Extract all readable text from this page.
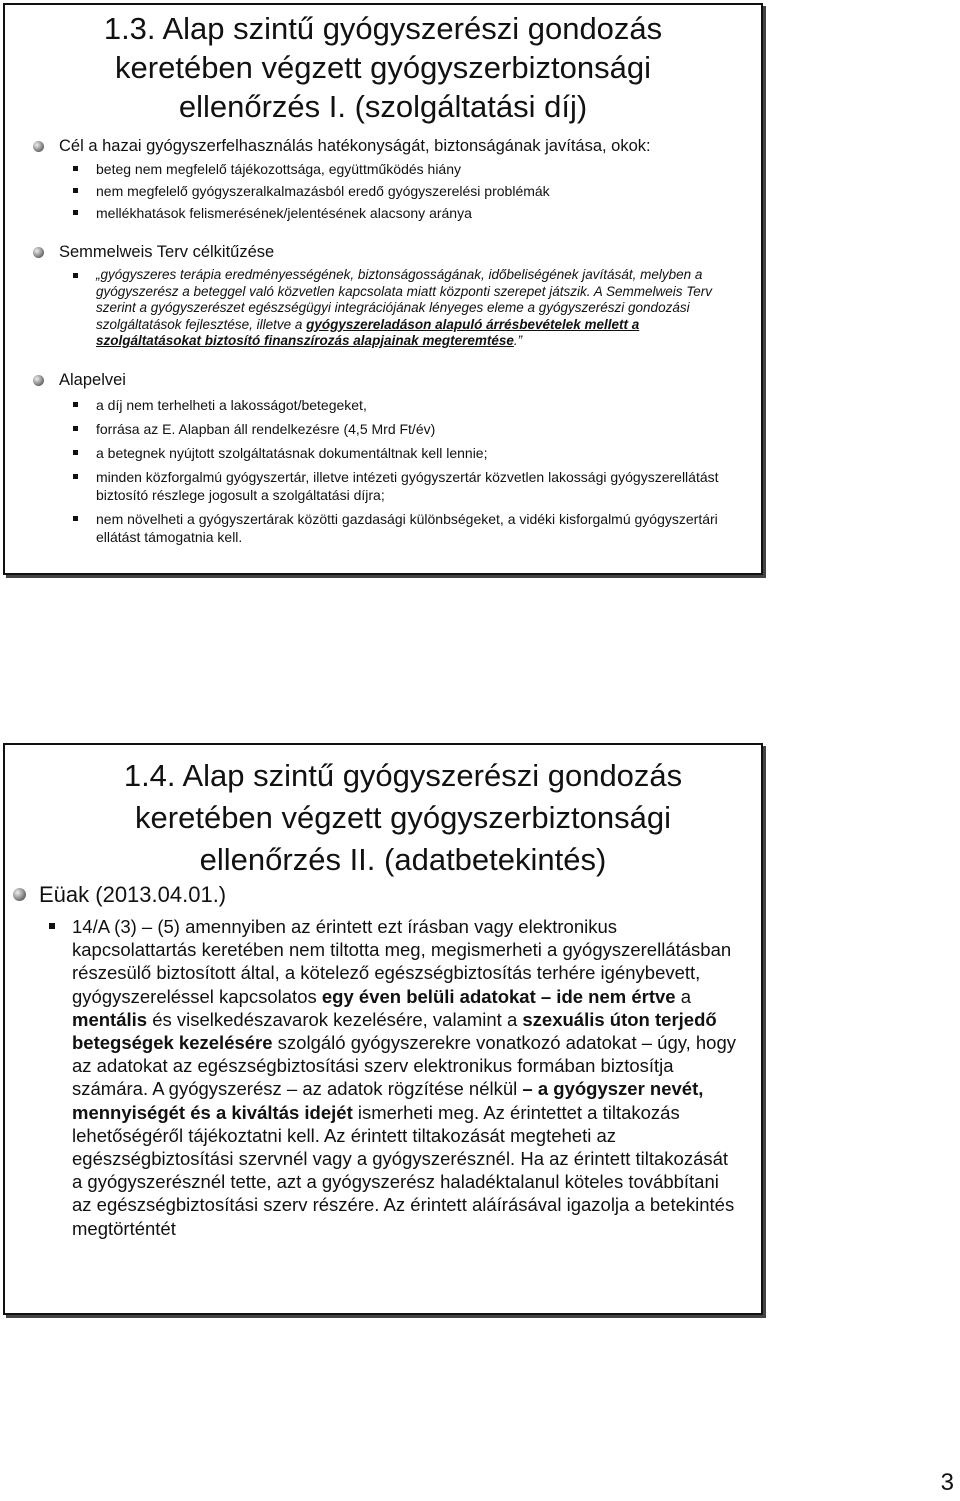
1.3. Alap szintű gyógyszerészi gondozás
keretében végzett gyógyszerbiztonsági
ellenőrzés I. (szolgáltatási díj)
Cél a hazai gyógyszerfelhasználás hatékonyságát, biztonságának javítása, okok:
beteg nem megfelelő tájékozottsága, együttműködés hiány
nem megfelelő gyógyszeralkalmazásból eredő gyógyszerelési problémák
mellékhatások felismerésének/jelentésének alacsony aránya
Semmelweis Terv célkitűzése
„gyógyszeres terápia eredményességének, biztonságosságának, időbeliségének javítását, melyben a gyógyszerész a beteggel való közvetlen kapcsolata miatt központi szerepet játszik. A Semmelweis Terv szerint a gyógyszerészet egészségügyi integrációjának lényeges eleme a gyógyszerészi gondozási szolgáltatások fejlesztése, illetve a gyógyszereladáson alapuló árrésbevételek mellett a szolgáltatásokat biztosító finanszírozás alapjainak megteremtése.”
Alapelvei
a díj nem terhelheti a lakosságot/betegeket,
forrása az E. Alapban áll rendelkezésre (4,5 Mrd Ft/év)
a betegnek nyújtott szolgáltatásnak dokumentáltnak kell lennie;
minden közforgalmú gyógyszertár, illetve intézeti gyógyszertár közvetlen lakossági gyógyszerellátást biztosító részlege jogosult a szolgáltatási díjra;
nem növelheti a gyógyszertárak közötti gazdasági különbségeket, a vidéki kisforgalmú gyógyszertári ellátást támogatnia kell.
1.4. Alap szintű gyógyszerészi gondozás
keretében végzett gyógyszerbiztonsági
ellenőrzés II. (adatbetekintés)
Eüak (2013.04.01.)
14/A (3) – (5) amennyiben az érintett ezt írásban vagy elektronikus kapcsolattartás keretében nem tiltotta meg, megismerheti a gyógyszerellátásban részesülő biztosított által, a kötelező egészségbiztosítás terhére igénybevett, gyógyszereléssel kapcsolatos egy éven belüli adatokat – ide nem értve a mentális és viselkedészavarok kezelésére, valamint a szexuális úton terjedő betegségek kezelésére szolgáló gyógyszerekre vonatkozó adatokat – úgy, hogy az adatokat az egészségbiztosítási szerv elektronikus formában biztosítja számára. A gyógyszerész – az adatok rögzítése nélkül – a gyógyszer nevét, mennyiségét és a kiváltás idejét ismerheti meg. Az érintettet a tiltakozás lehetőségéről tájékoztatni kell. Az érintett tiltakozását megteheti az egészségbiztosítási szervnél vagy a gyógyszerésznél. Ha az érintett tiltakozását a gyógyszerésznél tette, azt a gyógyszerész haladéktalanul köteles továbbítani az egészségbiztosítási szerv részére. Az érintett aláírásával igazolja a betekintés megtörténtét
3
